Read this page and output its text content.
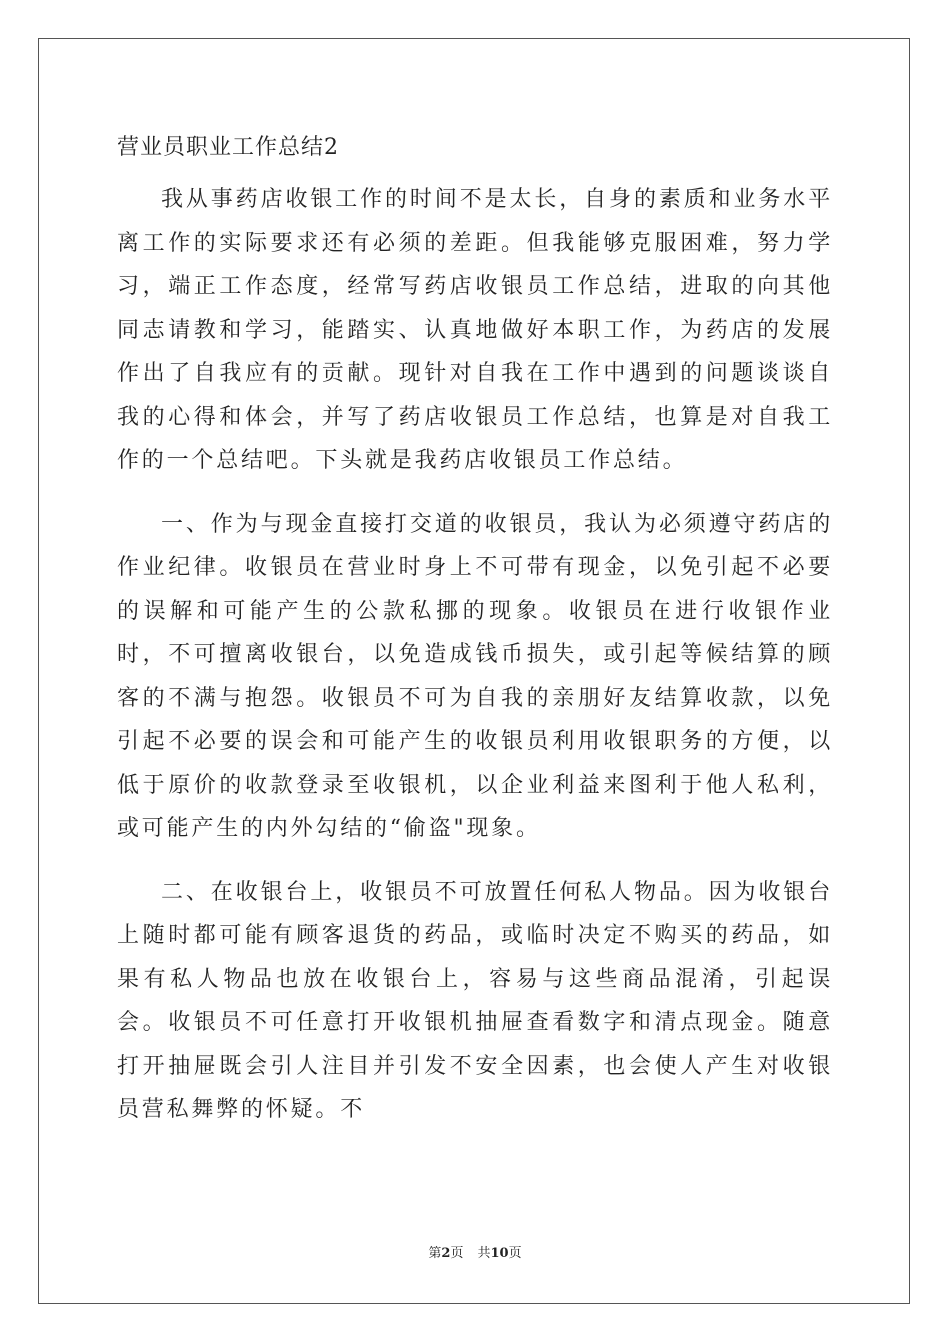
营业员职业工作总结2

我从事药店收银工作的时间不是太长，自身的素质和业务水平离工作的实际要求还有必须的差距。但我能够克服困难，努力学习，端正工作态度，经常写药店收银员工作总结，进取的向其他同志请教和学习，能踏实、认真地做好本职工作，为药店的发展作出了自我应有的贡献。现针对自我在工作中遇到的问题谈谈自我的心得和体会，并写了药店收银员工作总结，也算是对自我工作的一个总结吧。下头就是我药店收银员工作总结。

一、作为与现金直接打交道的收银员，我认为必须遵守药店的作业纪律。收银员在营业时身上不可带有现金，以免引起不必要的误解和可能产生的公款私挪的现象。收银员在进行收银作业时，不可擅离收银台，以免造成钱币损失，或引起等候结算的顾客的不满与抱怨。收银员不可为自我的亲朋好友结算收款，以免引起不必要的误会和可能产生的收银员利用收银职务的方便，以低于原价的收款登录至收银机，以企业利益来图利于他人私利，或可能产生的内外勾结的“偷盗"现象。

二、在收银台上，收银员不可放置任何私人物品。因为收银台上随时都可能有顾客退货的药品，或临时决定不购买的药品，如果有私人物品也放在收银台上，容易与这些商品混淆，引起误会。收银员不可任意打开收银机抽屉查看数字和清点现金。随意打开抽屉既会引人注目并引发不安全因素，也会使人产生对收银员营私舞弊的怀疑。不

第2页 共10页
